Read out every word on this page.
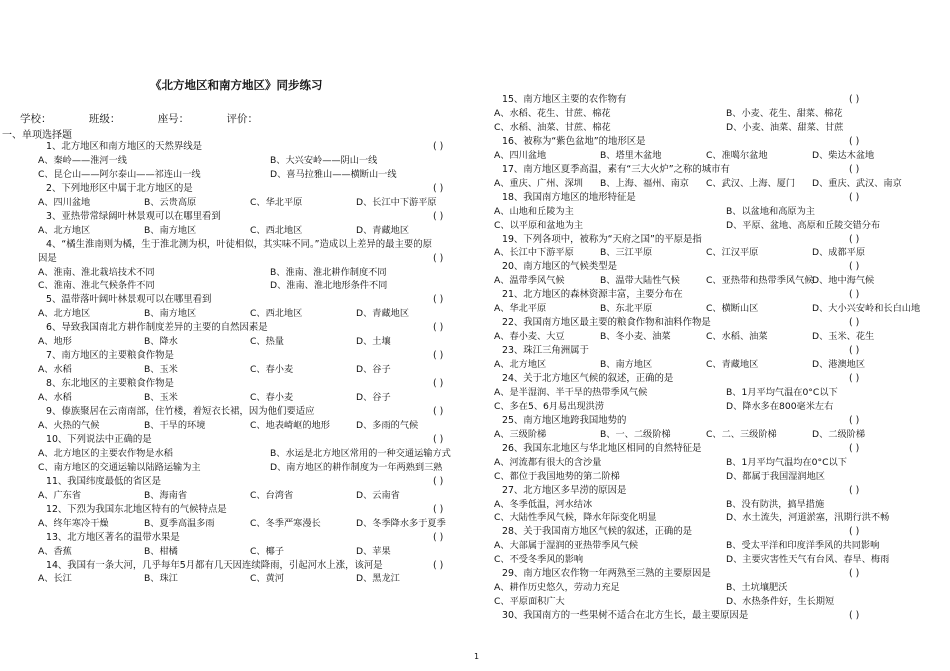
《北方地区和南方地区》同步练习
学校：	班级：	座号：	评价：
一、单项选择题
1、北方地区和南方地区的天然界线是	( )
A、秦岭——淮河一线	B、大兴安岭——阴山一线
C、昆仑山——阿尔泰山——祁连山一线	D、喜马拉雅山——横断山一线
2、下列地形区中属于北方地区的是	( )
A、四川盆地	B、云贵高原	C、华北平原	D、长江中下游平原
3、亚热带常绿阔叶林景观可以在哪里看到	( )
A、北方地区	B、南方地区	C、西北地区	D、青藏地区
4、“橘生淮南则为橘，生于淮北测为枳，叶徒相似，其实味不同。”造成以上差异的最主要的原
因是	( )
A、淮南、淮北栽培技术不同	B、淮南、淮北耕作制度不同
C、淮南、淮北气候条件不同	D、淮南、淮北地形条件不同
5、温带落叶阔叶林景观可以在哪里看到	( )
A、北方地区	B、南方地区	C、西北地区	D、青藏地区
6、导致我国南北方耕作制度差异的主要的自然因素是	( )
A、地形	B、降水	C、热量	D、土壤
7、南方地区的主要粮食作物是	( )
A、水稻	B、玉米	C、春小麦	D、谷子
8、东北地区的主要粮食作物是	( )
A、水稻	B、玉米	C、春小麦	D、谷子
9、傣族聚居在云南南部，住竹楼，着短衣长裙，因为他们要适应	( )
A、火热的气候	B、干旱的环境	C、地表崎岖的地形	D、多雨的气候
10、下列说法中正确的是	( )
A、北方地区的主要农作物是水稻	B、水运是北方地区常用的一种交通运输方式
C、南方地区的交通运输以陆路运输为主	D、南方地区的耕作制度为一年两熟到三熟
11、我国纬度最低的省区是	( )
A、广东省	B、海南省	C、台湾省	D、云南省
12、下烈为我国东北地区特有的气候特点是	( )
A、终年寒冷干燥	B、夏季高温多雨	C、冬季严寒漫长	D、冬季降水多于夏季
13、北方地区著名的温带水果是	( )
A、香蕉	B、柑橘	C、椰子	D、苹果
14、我国有一条大河，几乎每年5月都有几天因连续降雨，引起河水上涨，该河是	( )
A、长江	B、珠江	C、黄河	D、黑龙江
15、南方地区主要的农作物有	( )
A、水稻、花生、甘蔗、棉花	B、小麦、花生、甜菜、棉花
C、水稻、油菜、甘蔗、棉花	D、小麦、油菜、甜菜、甘蔗
16、被称为“紫色盆地”的地形区是	( )
A、四川盆地	B、塔里木盆地	C、准噶尔盆地	D、柴达木盆地
17、南方地区夏季高温，素有“三大火炉”之称的城市有	( )
A、重庆、广州、深圳 B、上海、福州、南京 C、武汉、上海、厦门 D、重庆、武汉、南京
18、我国南方地区的地形特征是	( )
A、山地和丘陵为主	B、以盆地和高原为主
C、以平原和盆地为主	D、平原、盆地、高原和丘陵交错分布
19、下列各项中，被称为“天府之国”的平原是指	( )
A、长江中下游平原	B、三江平原	C、江汉平原	D、成都平原
20、南方地区的气候类型是	( )
A、温带季风气候	B、温带大陆性气候	C、亚热带和热带季风气候
D、地中海气候
21、北方地区的森林资源丰富，主要分布在	( )
A、华北平原	B、东北平原	C、横断山区	D、大小兴安岭和长白山地
22、我国南方地区最主要的粮食作物和油料作物是	( )
A、春小麦、大豆	B、冬小麦、油菜	C、水稻、油菜	D、玉米、花生
23、珠江三角洲属于	( )
A、北方地区	B、南方地区	C、青藏地区	D、港澳地区
24、关于北方地区气候的叙述，正确的是	( )
A、是半湿润、半干旱的热带季风气候	B、1月平均气温在0°C以下
C、多在5、6月易出现洪涝	D、降水多在800毫米左右
25、南方地区地跨我国地势的	( )
A、三级阶梯	B、一、二级阶梯	C、二、三级阶梯	D、二级阶梯
26、我国东北地区与华北地区相同的自然特征是	( )
A、河流都有很大的含沙量	B、1月平均气温均在0°C以下
C、都位于我国地势的第二阶梯	D、都属于我国湿润地区
27、北方地区多旱涝的原因是	( )
A、冬季低温，河水结冰	B、没有防洪，搞旱措施
C、大陆性季风气候，降水年际变化明显	D、水土流失，河道淤塞，汛期行洪不畅
28、关于我国南方地区气候的叙述，正确的是	( )
A、大部属于湿润的亚热带季风气候	B、受太平洋和印度洋季风的共同影响
C、不受冬季风的影响	D、主要灾害性天气有台风、春旱、梅雨
29、南方地区农作物一年两熟至三熟的主要原因是	( )
A、耕作历史悠久，劳动力充足	B、土坑壤肥沃
C、平原面积广大	D、水热条件好，生长期短
30、我国南方的一些果树不适合在北方生长，最主要原因是	( )
1
